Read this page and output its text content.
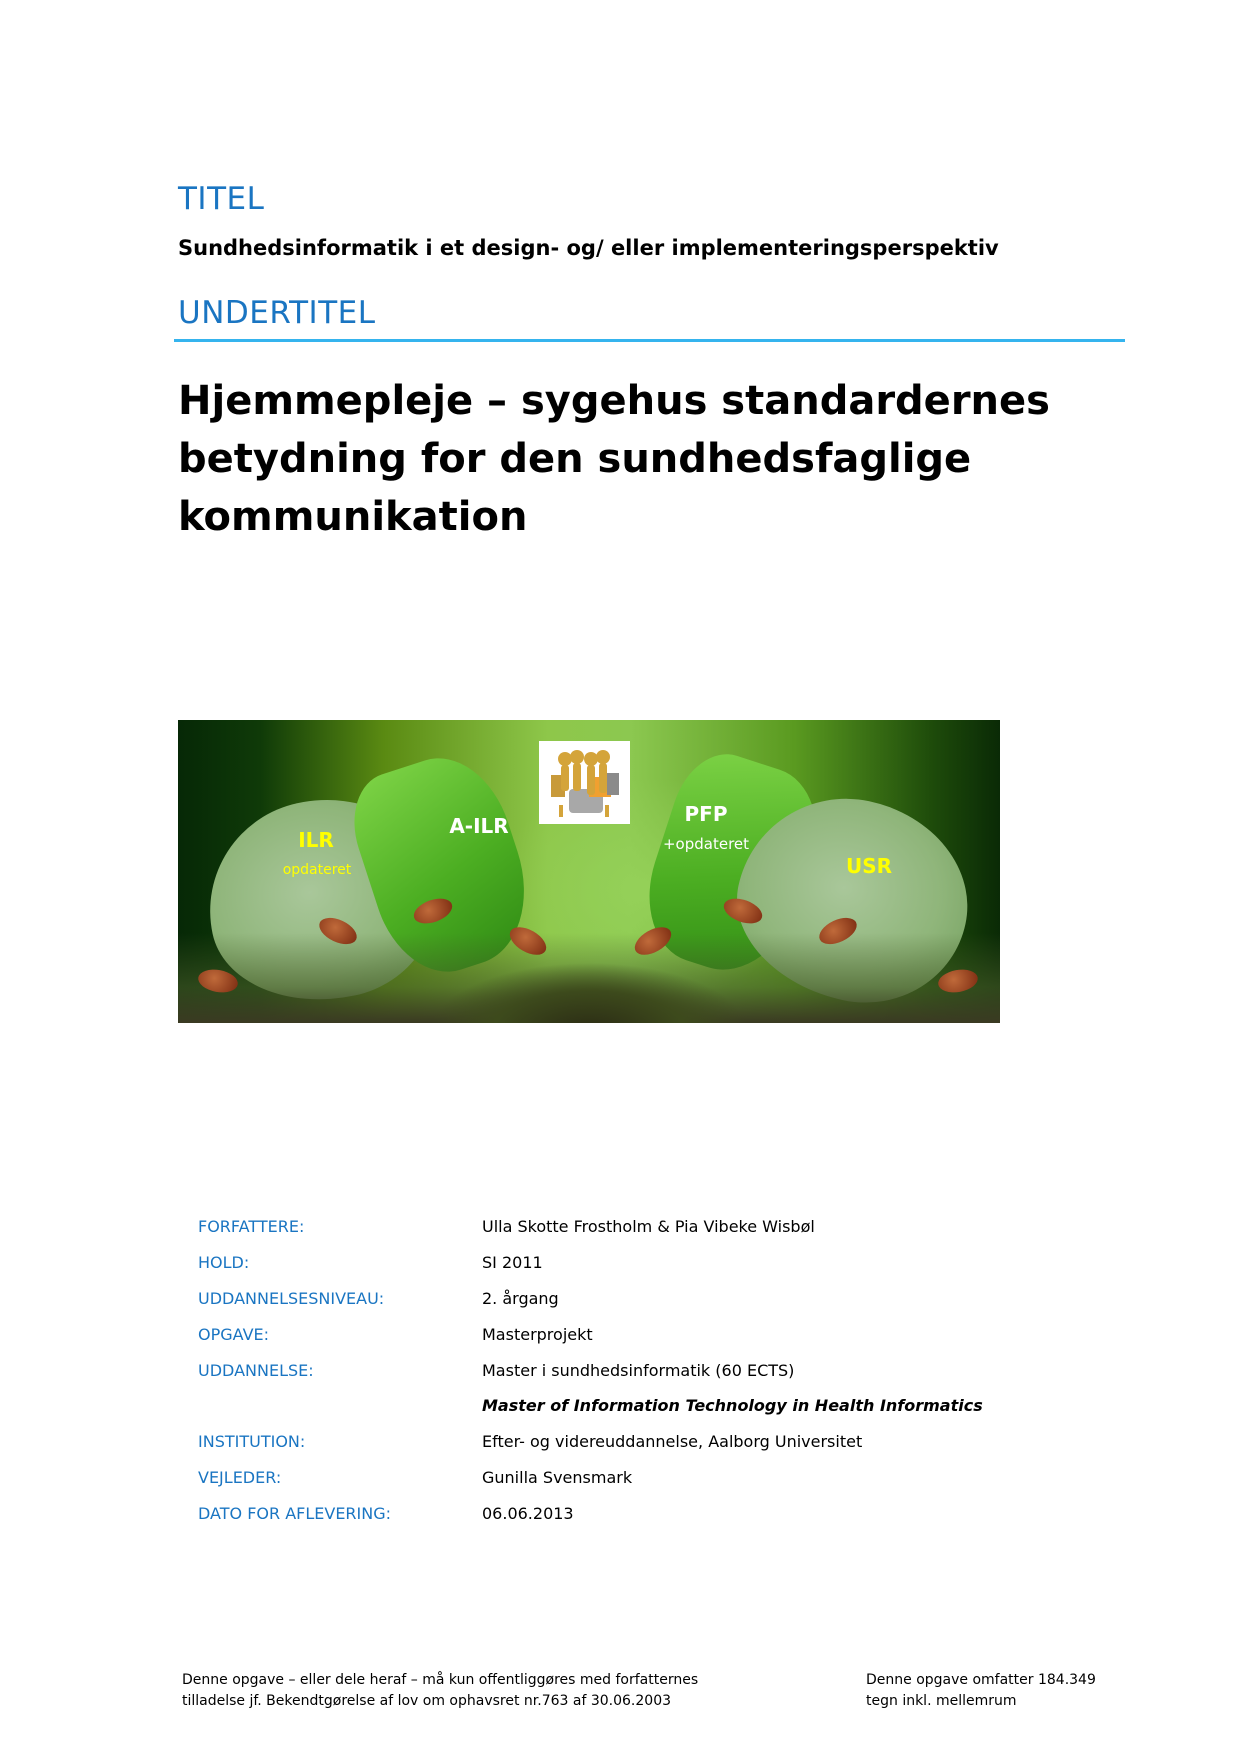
TITEL
Sundhedsinformatik i et design- og/ eller implementeringsperspektiv
UNDERTITEL
Hjemmepleje – sygehus standardernes
betydning for den sundhedsfaglige
kommunikation
ILR
opdateret
A-ILR	PFP
+opdateret
USR
FORFATTERE:	Ulla Skotte Frostholm & Pia Vibeke Wisbøl
HOLD:	SI 2011
UDDANNELSESNIVEAU:	2. årgang
OPGAVE:	Masterprojekt
UDDANNELSE:	Master i sundhedsinformatik (60 ECTS)
Master of Information Technology in Health Informatics
INSTITUTION:	Efter- og videreuddannelse, Aalborg Universitet
VEJLEDER:	Gunilla Svensmark
DATO FOR AFLEVERING:	06.06.2013
Denne opgave – eller dele heraf – må kun offentliggøres med forfatternes
tilladelse jf. Bekendtgørelse af lov om ophavsret nr.763 af 30.06.2003
Denne opgave omfatter 184.349
tegn inkl. mellemrum
